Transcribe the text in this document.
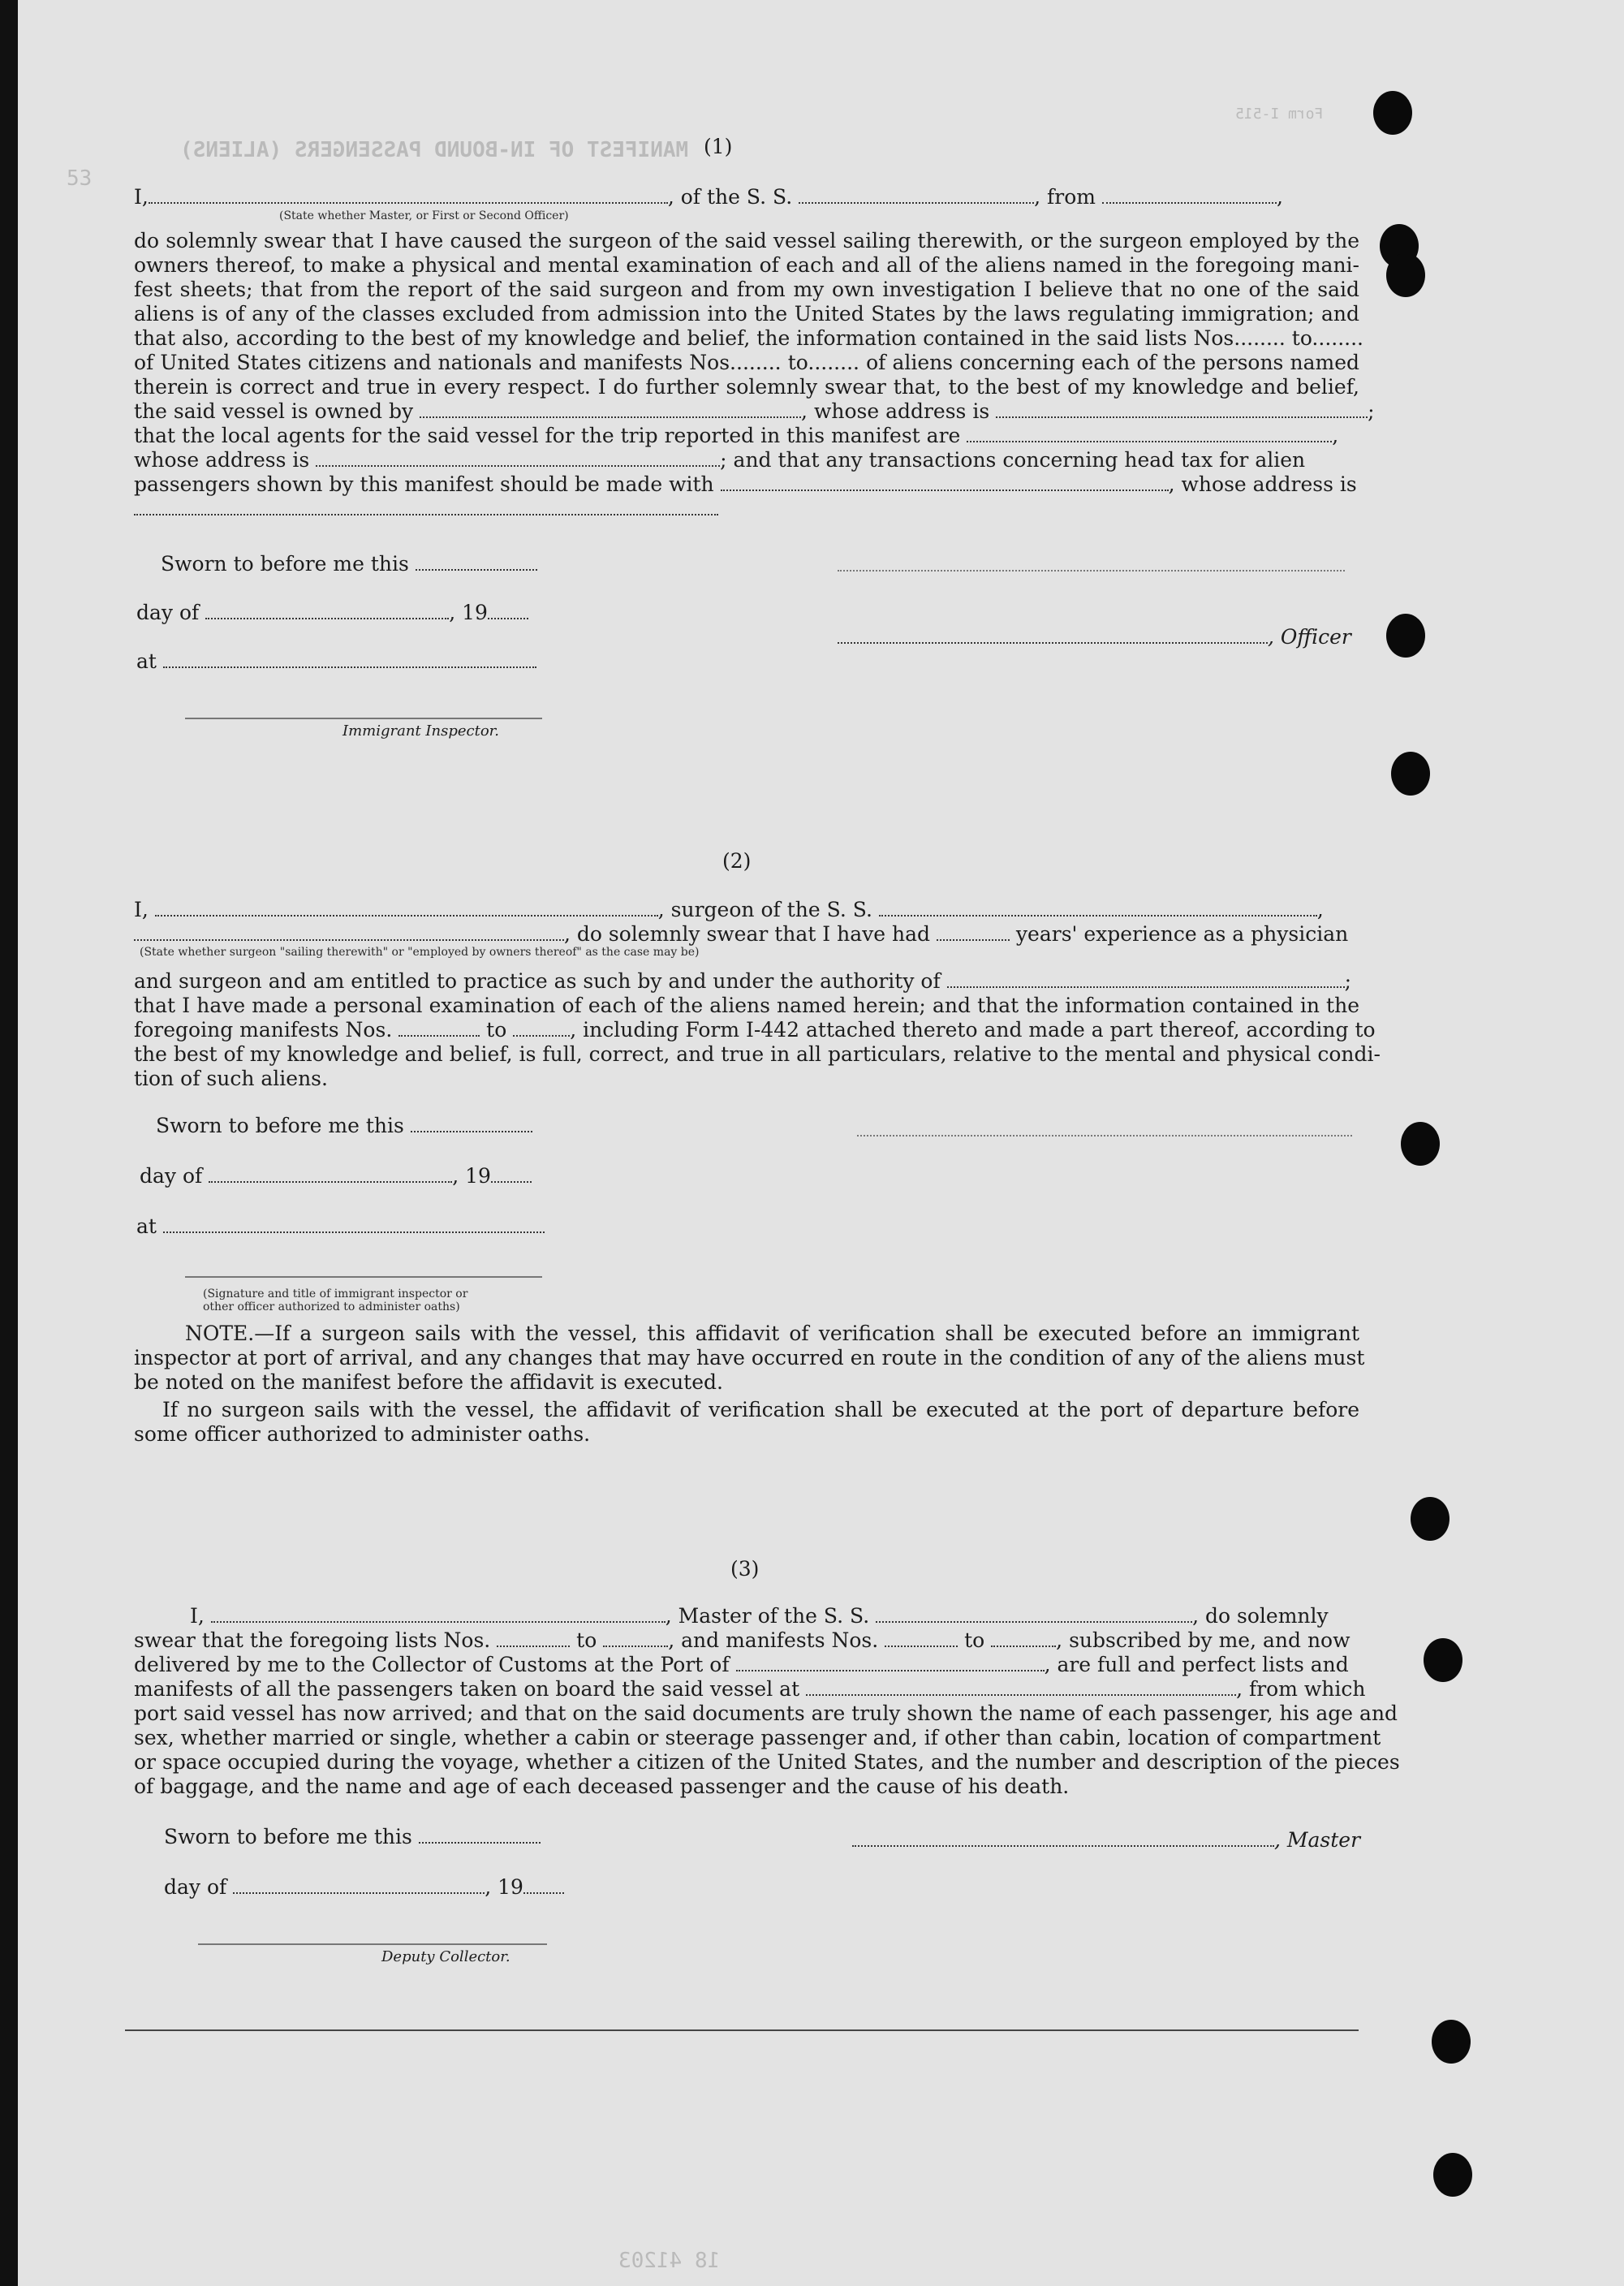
MANIFEST OF IN-BOUND PASSENGERS (ALIENS)
Form I-515
53
18 41203
(1)
I,	, of the S. S.	, from	,
(State whether Master, or First or Second Officer)
do solemnly swear that I have caused the surgeon of the said vessel sailing therewith, or the surgeon employed by the
owners thereof, to make a physical and mental examination of each and all of the aliens named in the foregoing mani-
fest sheets; that from the report of the said surgeon and from my own investigation I believe that no one of the said
aliens is of any of the classes excluded from admission into the United States by the laws regulating immigration; and
that also, according to the best of my knowledge and belief, the information contained in the said lists Nos........ to........
of United States citizens and nationals and manifests Nos........ to........ of aliens concerning each of the persons named
therein is correct and true in every respect. I do further solemnly swear that, to the best of my knowledge and belief,
the said vessel is owned by	, whose address is	;
that the local agents for the said vessel for the trip reported in this manifest are	,
whose address is	; and that any transactions concerning head tax for alien
passengers shown by this manifest should be made with	, whose address is
Sworn to before me this
day of	, 19
at
Immigrant Inspector.
, Officer
(2)
I,	, surgeon of the S. S.	,
, do solemnly swear that I have had	years' experience as a physician
(State whether surgeon "sailing therewith" or "employed by owners thereof" as the case may be)
and surgeon and am entitled to practice as such by and under the authority of	;
that I have made a personal examination of each of the aliens named herein; and that the information contained in the
foregoing manifests Nos.	to	, including Form I-442 attached thereto and made a part thereof, according to
the best of my knowledge and belief, is full, correct, and true in all particulars, relative to the mental and physical condi-
tion of such aliens.
Sworn to before me this
day of	, 19
at
(Signature and title of immigrant inspector or
other officer authorized to administer oaths)
NOTE.—If a surgeon sails with the vessel, this affidavit of verification shall be executed before an immigrant
inspector at port of arrival, and any changes that may have occurred en route in the condition of any of the aliens must
be noted on the manifest before the affidavit is executed.
If no surgeon sails with the vessel, the affidavit of verification shall be executed at the port of departure before
some officer authorized to administer oaths.
(3)
I,	, Master of the S. S.	, do solemnly
swear that the foregoing lists Nos.	to	, and manifests Nos.	to	, subscribed by me, and now
delivered by me to the Collector of Customs at the Port of	, are full and perfect lists and
manifests of all the passengers taken on board the said vessel at	, from which
port said vessel has now arrived; and that on the said documents are truly shown the name of each passenger, his age and
sex, whether married or single, whether a cabin or steerage passenger and, if other than cabin, location of compartment
or space occupied during the voyage, whether a citizen of the United States, and the number and description of the pieces
of baggage, and the name and age of each deceased passenger and the cause of his death.
Sworn to before me this	, Master
day of	, 19
Deputy Collector.
